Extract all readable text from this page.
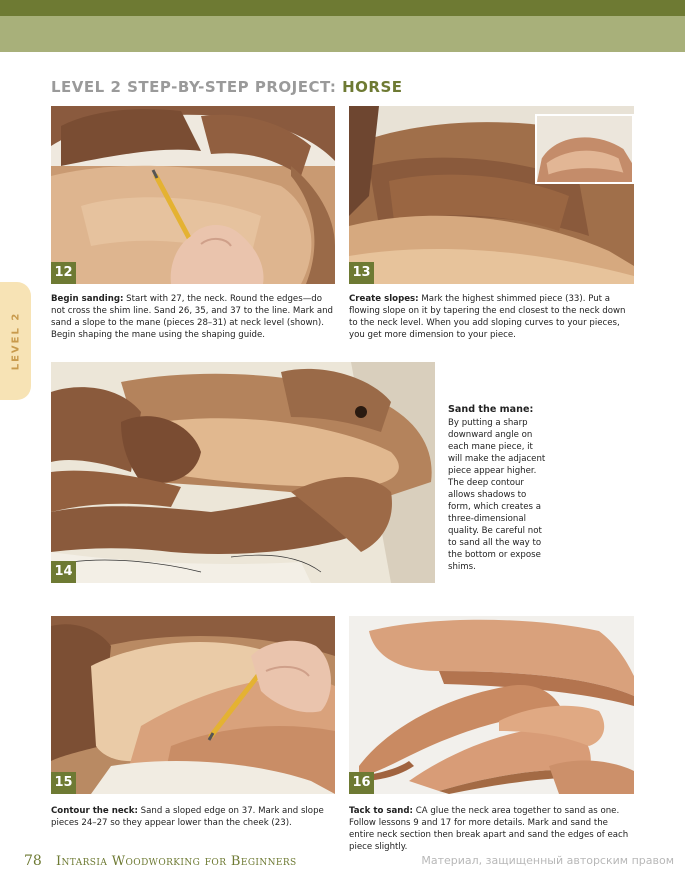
LEVEL 2
LEVEL 2 STEP-BY-STEP PROJECT: HORSE
12	13
Begin sanding: Start with 27, the neck. Round the edges—do not cross the shim line. Sand 26, 35, and 37 to the line. Mark and sand a slope to the mane (pieces 28–31) at neck level (shown). Begin shaping the mane using the shaping guide.
Create slopes: Mark the highest shimmed piece (33). Put a flowing slope on it by tapering the end closest to the neck down to the neck level. When you add sloping curves to your pieces, you get more dimension to your piece.
14
Sand the mane:
By putting a sharp downward angle on each mane piece, it will make the adjacent piece appear higher. The deep contour allows shadows to form, which creates a three-dimensional quality. Be careful not to sand all the way to the bottom or expose shims.
15	16
Contour the neck: Sand a sloped edge on 37. Mark and slope pieces 24–27 so they appear lower than the cheek (23).
Tack to sand: CA glue the neck area together to sand as one. Follow lessons 9 and 17 for more details. Mark and sand the entire neck section then break apart and sand the edges of each piece slightly.
78 Intarsia Woodworking for Beginners	Материал, защищенный авторским правом
